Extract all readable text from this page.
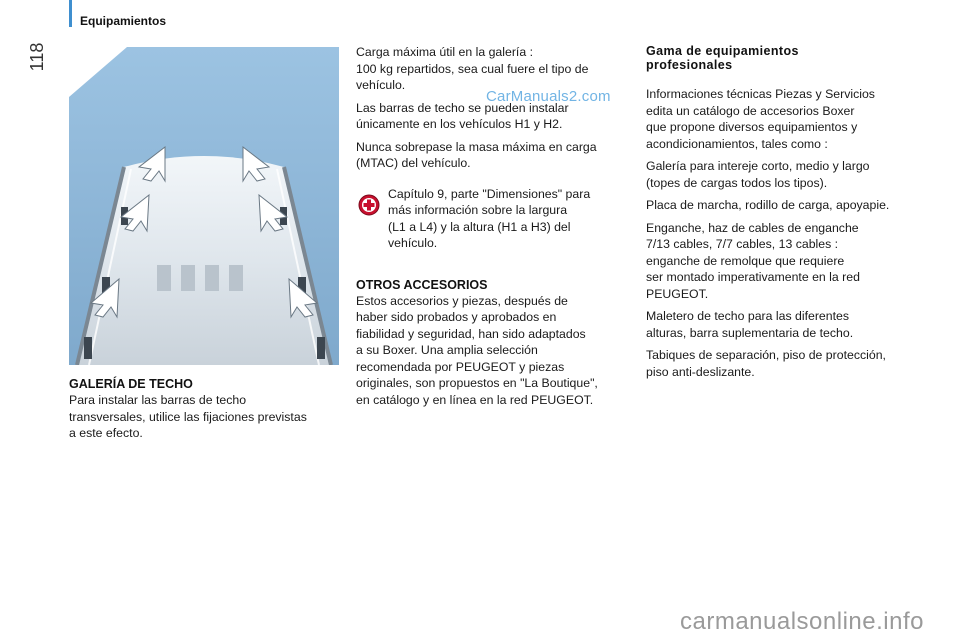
Equipamientos
118
GALERÍA DE TECHO

Para instalar las barras de techo
transversales, utilice las fijaciones previstas
a este efecto.

Carga máxima útil en la galería :
100 kg repartidos, sea cual fuere el tipo de
vehículo.

Las barras de techo se pueden instalar
únicamente en los vehículos H1 y H2.

Nunca sobrepase la masa máxima en carga
(MTAC) del vehículo.

Capítulo 9, parte "Dimensiones" para
más información sobre la largura
(L1 a L4) y la altura (H1 a H3) del
vehículo.

OTROS ACCESORIOS

Estos accesorios y piezas, después de
haber sido probados y aprobados en
fiabilidad y seguridad, han sido adaptados
a su Boxer. Una amplia selección
recomendada por PEUGEOT y piezas
originales, son propuestos en "La Boutique",
en catálogo y en línea en la red PEUGEOT.

Gama de equipamientos
profesionales

Informaciones técnicas Piezas y Servicios
edita un catálogo de accesorios Boxer
que propone diversos equipamientos y
acondicionamientos, tales como :

Galería para intereje corto, medio y largo
(topes de cargas todos los tipos).

Placa de marcha, rodillo de carga, apoyapie.

Enganche, haz de cables de enganche
7/13 cables, 7/7 cables, 13 cables :
enganche de remolque que requiere
ser montado imperativamente en la red
PEUGEOT.

Maletero de techo para las diferentes
alturas, barra suplementaria de techo.

Tabiques de separación, piso de protección,
piso anti-deslizante.

CarManuals2.com
carmanualsonline.info
